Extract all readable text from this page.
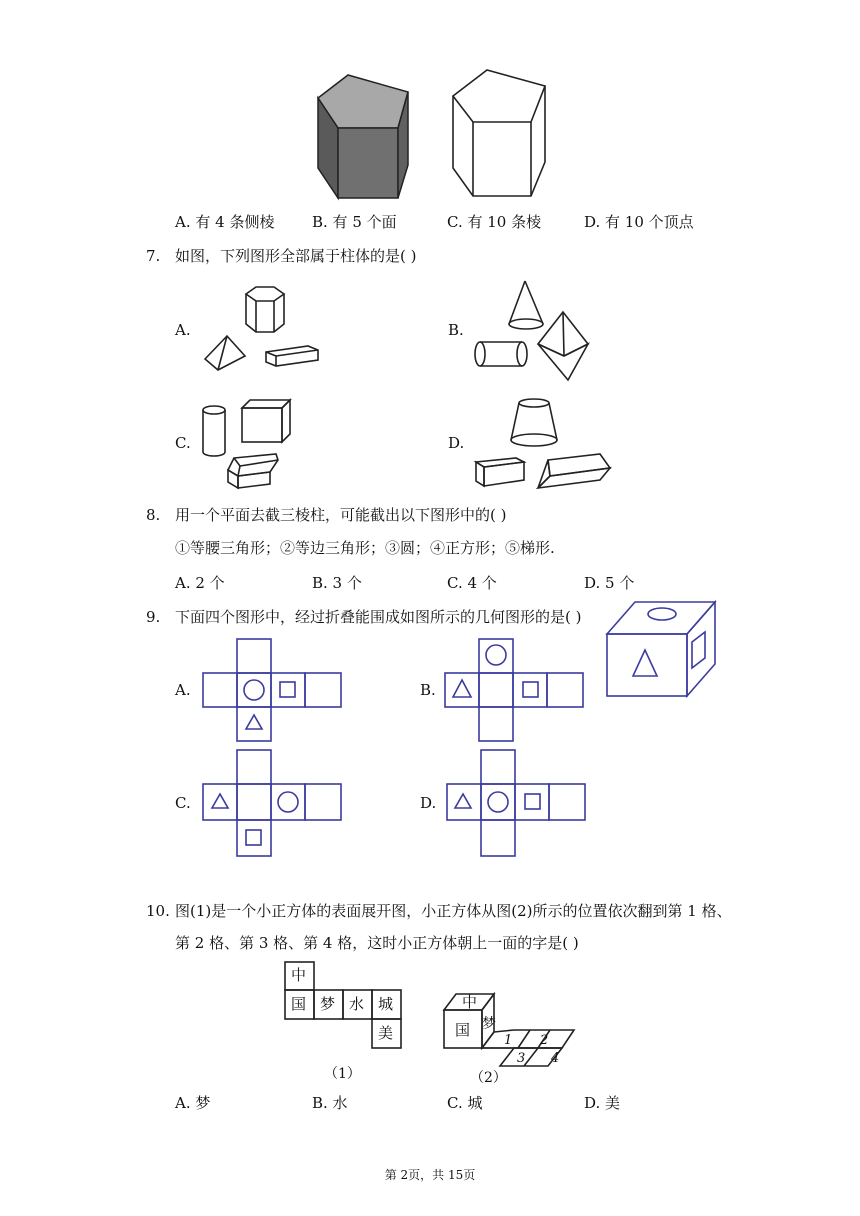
A. 有 4 条侧棱	B. 有 5 个面	C. 有 10 条棱	D. 有 10 个顶点
7. 如图，下列图形全部属于柱体的是( )
A.	B.
C.	D.
8. 用一个平面去截三棱柱，可能截出以下图形中的( )
①等腰三角形；②等边三角形；③圆；④正方形；⑤梯形.
A. 2 个	B. 3 个	C. 4 个	D. 5 个
9. 下面四个图形中，经过折叠能围成如图所示的几何图形的是( )
A.	B.
C.	D.
10. 图(1)是一个小正方体的表面展开图，小正方体从图(2)所示的位置依次翻到第 1 格、
第 2 格、第 3 格、第 4 格，这时小正方体朝上一面的字是( )
中
国 梦 水 城
美
（1）
中
国 梦
1 2
3 4
（2）
A. 梦	B. 水	C. 城	D. 美
第 2页，共 15页
